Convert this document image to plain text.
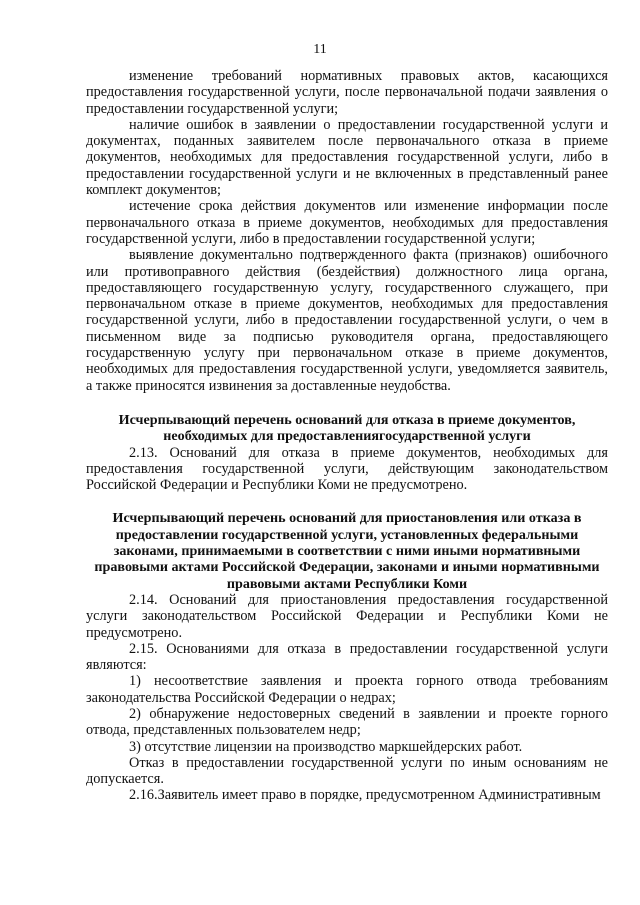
11

изменение требований нормативных правовых актов, касающихся предоставления государственной услуги, после первоначальной подачи заявления о предоставлении государственной услуги;

наличие ошибок в заявлении о предоставлении государственной услуги и документах, поданных заявителем после первоначального отказа в приеме документов, необходимых для предоставления государственной услуги, либо в предоставлении государственной услуги и не включенных в представленный ранее комплект документов;

истечение срока действия документов или изменение информации после первоначального отказа в приеме документов, необходимых для предоставления государственной услуги, либо в предоставлении государственной услуги;

выявление документально подтвержденного факта (признаков) ошибочного или противоправного действия (бездействия) должностного лица органа, предоставляющего государственную услугу, государственного служащего, при первоначальном отказе в приеме документов, необходимых для предоставления государственной услуги, либо в предоставлении государственной услуги, о чем в письменном виде за подписью руководителя органа, предоставляющего государственную услугу при первоначальном отказе в приеме документов, необходимых для предоставления государственной услуги, уведомляется заявитель, а также приносятся извинения за доставленные неудобства.

Исчерпывающий перечень оснований для отказа в приеме документов, необходимых для предоставлениягосударственной услуги

2.13. Оснований для отказа в приеме документов, необходимых для предоставления государственной услуги, действующим законодательством Российской Федерации и Республики Коми не предусмотрено.

Исчерпывающий перечень оснований для приостановления или отказа в предоставлении государственной услуги, установленных федеральными законами, принимаемыми в соответствии с ними иными нормативными правовыми актами Российской Федерации, законами и иными нормативными правовыми актами Республики Коми

2.14. Оснований для приостановления предоставления государственной услуги законодательством Российской Федерации и Республики Коми не предусмотрено.

2.15. Основаниями для отказа в предоставлении государственной услуги являются:

1) несоответствие заявления и проекта горного отвода требованиям законодательства Российской Федерации о недрах;

2) обнаружение недостоверных сведений в заявлении и проекте горного отвода, представленных пользователем недр;

3) отсутствие лицензии на производство маркшейдерских работ.

Отказ в предоставлении государственной услуги по иным основаниям не допускается.

2.16.Заявитель имеет право в порядке, предусмотренном Административным
